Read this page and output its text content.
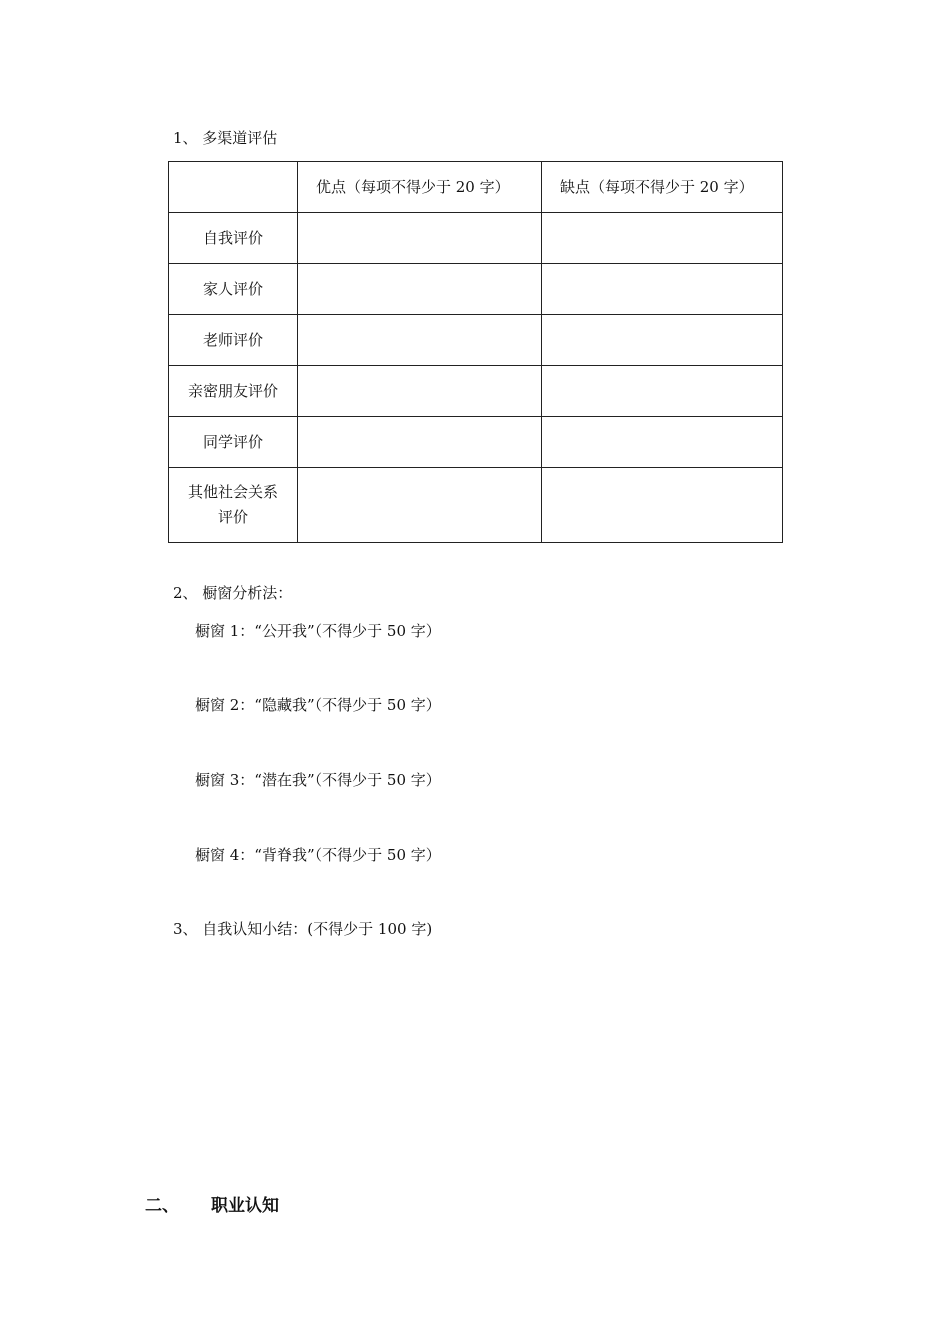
1、 多渠道评估
	优点（每项不得少于 20 字）	缺点（每项不得少于 20 字）
自我评价		
家人评价		
老师评价		
亲密朋友评价		
同学评价		
其他社会关系
评价		
2、 橱窗分析法：
橱窗 1：“公开我”（不得少于 50 字）
橱窗 2：“隐藏我”（不得少于 50 字）
橱窗 3：“潜在我”（不得少于 50 字）
橱窗 4：“背脊我”（不得少于 50 字）
3、 自我认知小结：(不得少于 100 字)
二、 职业认知
